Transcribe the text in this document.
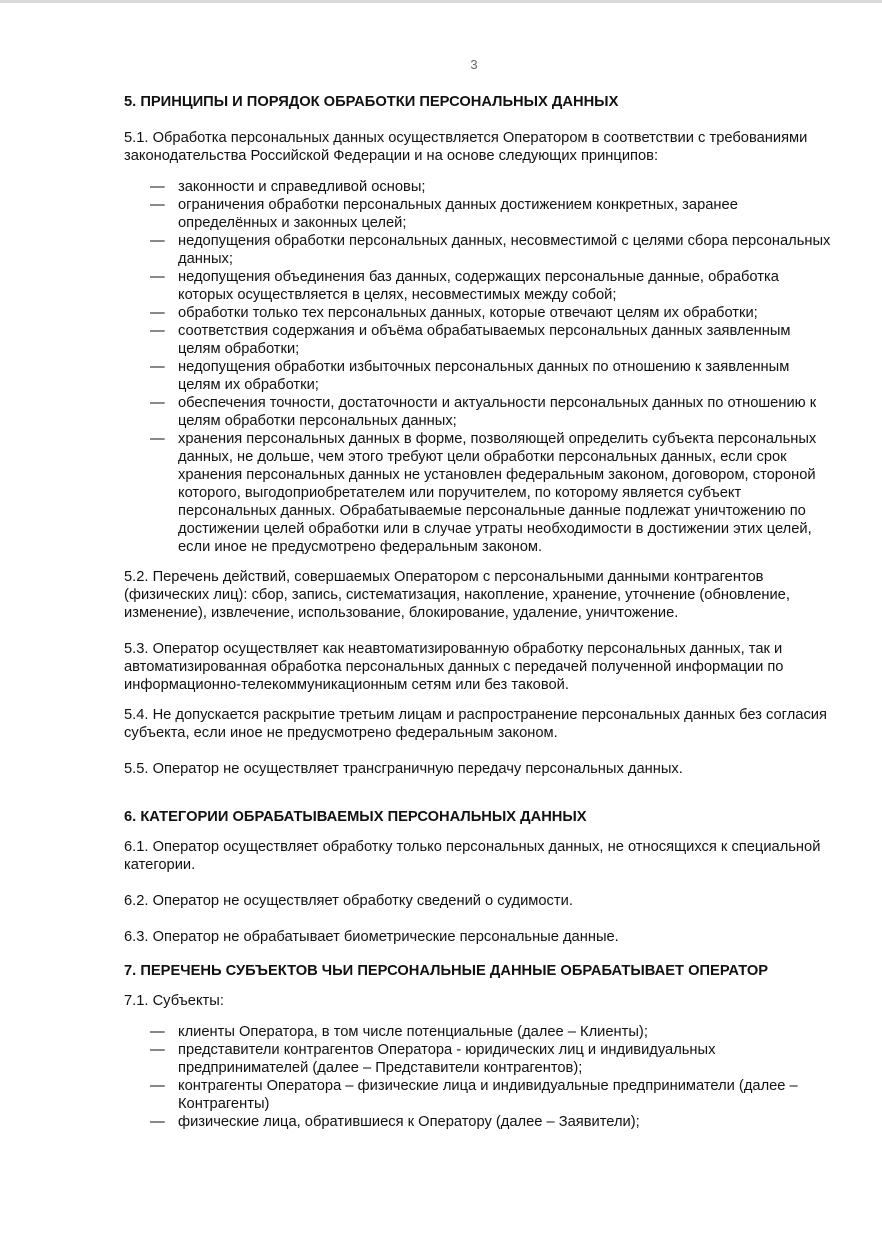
3
5. ПРИНЦИПЫ И ПОРЯДОК ОБРАБОТКИ ПЕРСОНАЛЬНЫХ ДАННЫХ

5.1. Обработка персональных данных осуществляется Оператором в соответствии с требованиями законодательства Российской Федерации и на основе следующих принципов:

— законности и справедливой основы;
— ограничения обработки персональных данных достижением конкретных, заранее определённых и законных целей;
— недопущения обработки персональных данных, несовместимой с целями сбора персональных данных;
— недопущения объединения баз данных, содержащих персональные данные, обработка которых осуществляется в целях, несовместимых между собой;
— обработки только тех персональных данных, которые отвечают целям их обработки;
— соответствия содержания и объёма обрабатываемых персональных данных заявленным целям обработки;
— недопущения обработки избыточных персональных данных по отношению к заявленным целям их обработки;
— обеспечения точности, достаточности и актуальности персональных данных по отношению к целям обработки персональных данных;
— хранения персональных данных в форме, позволяющей определить субъекта персональных данных, не дольше, чем этого требуют цели обработки персональных данных, если срок хранения персональных данных не установлен федеральным законом, договором, стороной которого, выгодоприобретателем или поручителем, по которому является субъект персональных данных. Обрабатываемые персональные данные подлежат уничтожению по достижении целей обработки или в случае утраты необходимости в достижении этих целей, если иное не предусмотрено федеральным законом.

5.2. Перечень действий, совершаемых Оператором с персональными данными контрагентов (физических лиц): сбор, запись, систематизация, накопление, хранение, уточнение (обновление, изменение), извлечение, использование, блокирование, удаление, уничтожение.

5.3. Оператор осуществляет как неавтоматизированную обработку персональных данных, так и автоматизированная обработка персональных данных с передачей полученной информации по информационно-телекоммуникационным сетям или без таковой.

5.4. Не допускается раскрытие третьим лицам и распространение персональных данных без согласия субъекта, если иное не предусмотрено федеральным законом.

5.5. Оператор не осуществляет трансграничную передачу персональных данных.

6. КАТЕГОРИИ ОБРАБАТЫВАЕМЫХ ПЕРСОНАЛЬНЫХ ДАННЫХ

6.1. Оператор осуществляет обработку только персональных данных, не относящихся к специальной категории.

6.2. Оператор не осуществляет обработку сведений о судимости.

6.3. Оператор не обрабатывает биометрические персональные данные.

7. ПЕРЕЧЕНЬ СУБЪЕКТОВ ЧЬИ ПЕРСОНАЛЬНЫЕ ДАННЫЕ ОБРАБАТЫВАЕТ ОПЕРАТОР

7.1. Субъекты:

— клиенты Оператора, в том числе потенциальные (далее – Клиенты);
— представители контрагентов Оператора - юридических лиц и индивидуальных предпринимателей (далее – Представители контрагентов);
— контрагенты Оператора – физические лица и индивидуальные предприниматели (далее – Контрагенты)
— физические лица, обратившиеся к Оператору (далее – Заявители);
